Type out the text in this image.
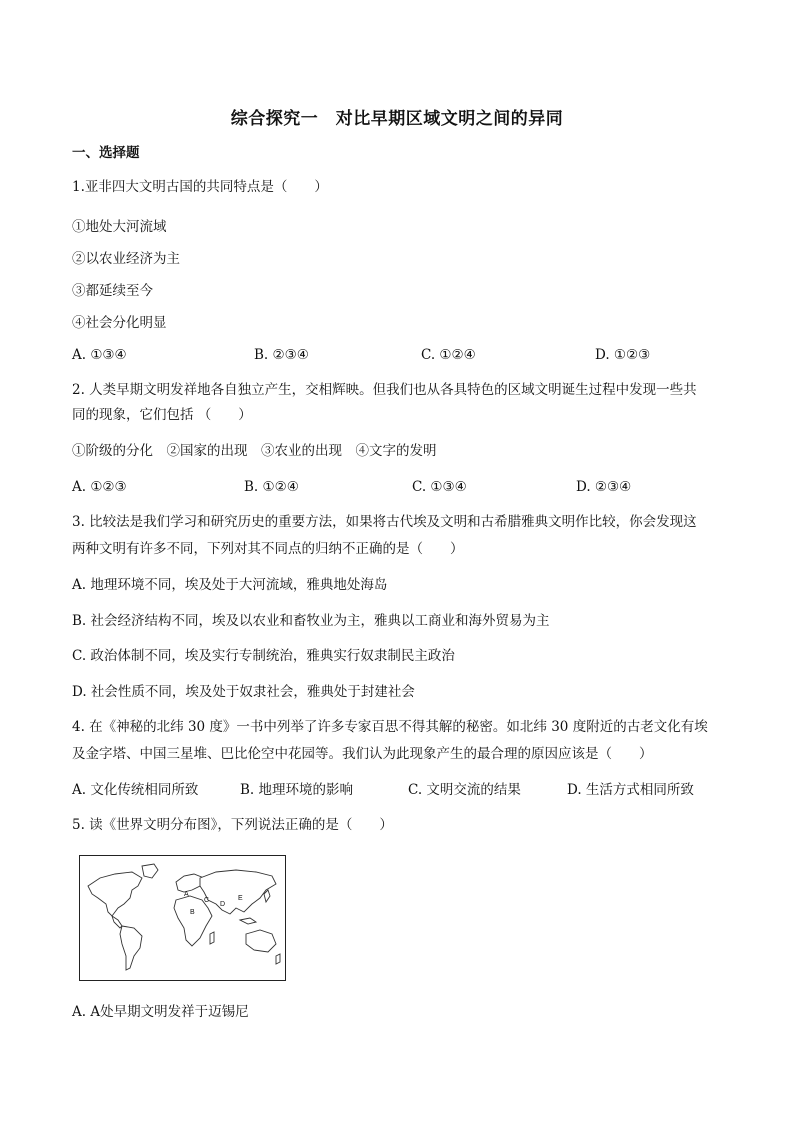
综合探究一　对比早期区域文明之间的异同
一、选择题
1.亚非四大文明古国的共同特点是（　　）
①地处大河流域
②以农业经济为主
③都延续至今
④社会分化明显
A. ①③④	B. ②③④	C. ①②④	D. ①②③
2. 人类早期文明发祥地各自独立产生，交相辉映。但我们也从各具特色的区域文明诞生过程中发现一些共
同的现象，它们包括 （　　）
①阶级的分化　②国家的出现　③农业的出现　④文字的发明
A. ①②③	B. ①②④	C. ①③④	D. ②③④
3. 比较法是我们学习和研究历史的重要方法，如果将古代埃及文明和古希腊雅典文明作比较，你会发现这
两种文明有许多不同，下列对其不同点的归纳不正确的是（　　）
A. 地理环境不同，埃及处于大河流域，雅典地处海岛
B. 社会经济结构不同，埃及以农业和畜牧业为主，雅典以工商业和海外贸易为主
C. 政治体制不同，埃及实行专制统治，雅典实行奴隶制民主政治
D. 社会性质不同，埃及处于奴隶社会，雅典处于封建社会
4. 在《神秘的北纬 30 度》一书中列举了许多专家百思不得其解的秘密。如北纬 30 度附近的古老文化有埃
及金字塔、中国三星堆、巴比伦空中花园等。我们认为此现象产生的最合理的原因应该是（　　）
A. 文化传统相同所致	B. 地理环境的影响	C. 文明交流的结果	D. 生活方式相同所致
5. 读《世界文明分布图》，下列说法正确的是（　　）
A
B
C
D
E
A. A处早期文明发祥于迈锡尼
